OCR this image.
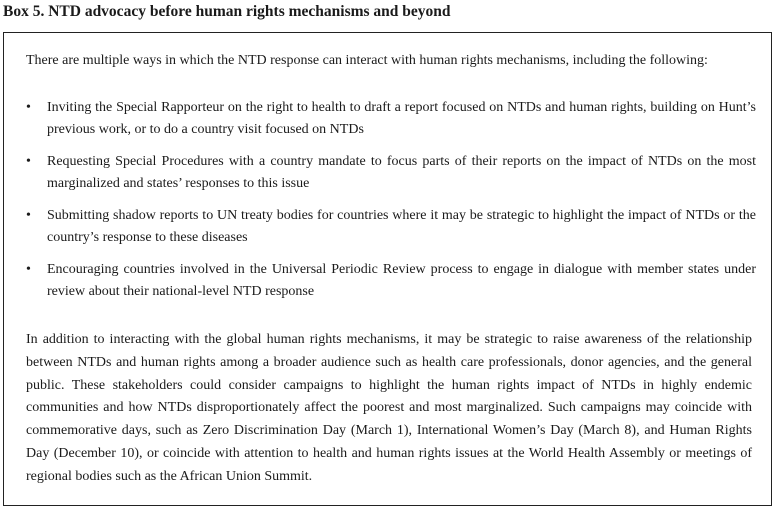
Box 5. NTD advocacy before human rights mechanisms and beyond

There are multiple ways in which the NTD response can interact with human rights mechanisms, including the following:

• Inviting the Special Rapporteur on the right to health to draft a report focused on NTDs and human rights, building on Hunt’s previous work, or to do a country visit focused on NTDs
• Requesting Special Procedures with a country mandate to focus parts of their reports on the impact of NTDs on the most marginalized and states’ responses to this issue
• Submitting shadow reports to UN treaty bodies for countries where it may be strategic to highlight the impact of NTDs or the country’s response to these diseases
• Encouraging countries involved in the Universal Periodic Review process to engage in dialogue with member states under review about their national-level NTD response

In addition to interacting with the global human rights mechanisms, it may be strategic to raise awareness of the relationship between NTDs and human rights among a broader audience such as health care professionals, donor agencies, and the general public. These stakeholders could consider campaigns to highlight the human rights impact of NTDs in highly endemic communities and how NTDs disproportionately affect the poorest and most marginalized. Such campaigns may coincide with commemorative days, such as Zero Discrimination Day (March 1), International Women’s Day (March 8), and Human Rights Day (December 10), or coincide with attention to health and human rights issues at the World Health Assembly or meetings of regional bodies such as the African Union Summit.
